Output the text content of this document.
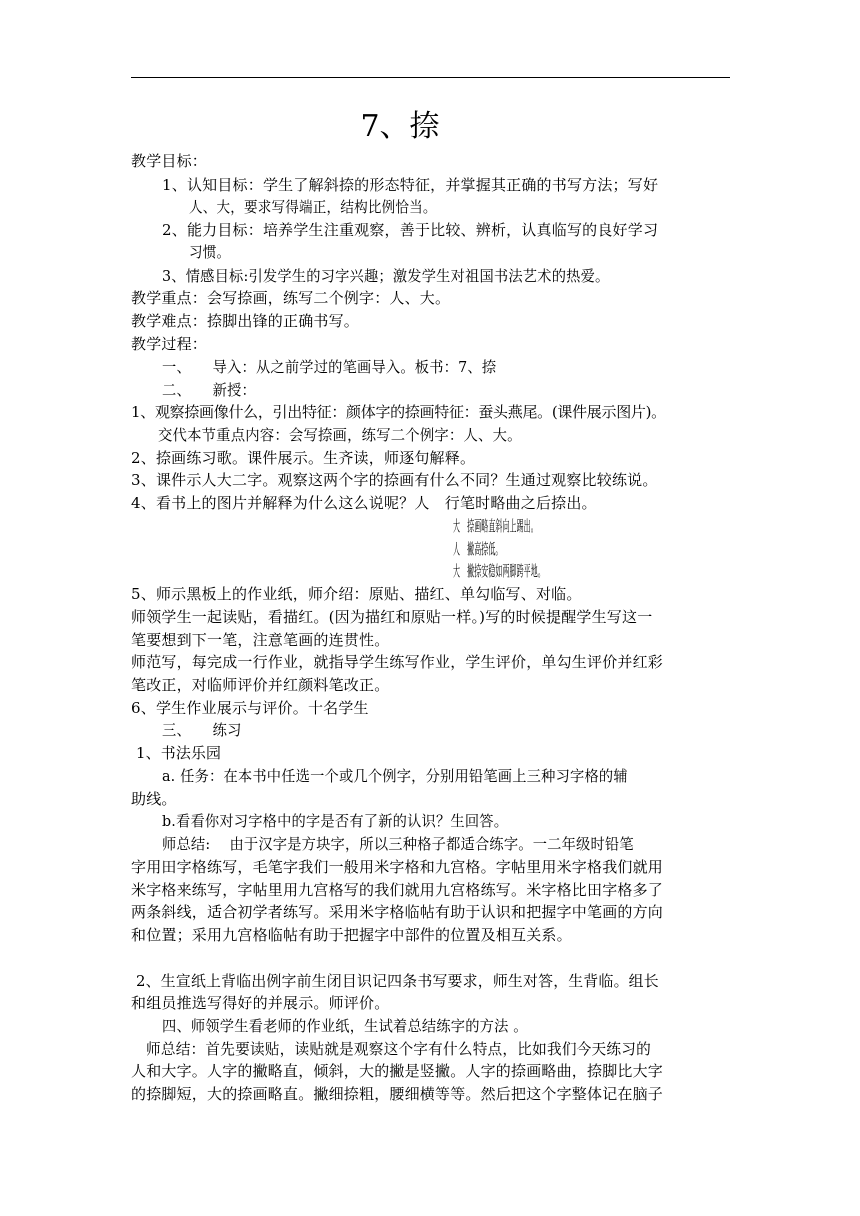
7、捺
教学目标：
1、认知目标：学生了解斜捺的形态特征，并掌握其正确的书写方法；写好
人、大，要求写得端正，结构比例恰当。
2、能力目标：培养学生注重观察，善于比较、辨析，认真临写的良好学习
习惯。
3、情感目标:引发学生的习字兴趣；激发学生对祖国书法艺术的热爱。
教学重点：会写捺画，练写二个例字：人、大。
教学难点：捺脚出锋的正确书写。
教学过程：
一、　　导入：从之前学过的笔画导入。板书：7、捺
二、　　新授：
1、观察捺画像什么，引出特征：颜体字的捺画特征：蚕头燕尾。(课件展示图片)。
交代本节重点内容：会写捺画，练写二个例字：人、大。
2、捺画练习歌。课件展示。生齐读，师逐句解释。
3、课件示人大二字。观察这两个字的捺画有什么不同？生通过观察比较练说。
4、看书上的图片并解释为什么这么说呢？人　行笔时略曲之后捺出。
大　捺画略直斜向上踢出。
人　撇高捺低。
大　撇捺安稳如两脚跨平地。
5、师示黑板上的作业纸，师介绍：原贴、描红、单勾临写、对临。
师领学生一起读贴，看描红。(因为描红和原贴一样。)写的时候提醒学生写这一
笔要想到下一笔，注意笔画的连贯性。
师范写，每完成一行作业，就指导学生练写作业，学生评价，单勾生评价并红彩
笔改正，对临师评价并红颜料笔改正。
6、学生作业展示与评价。十名学生
三、　　练习
1、书法乐园
a. 任务：在本书中任选一个或几个例字，分别用铅笔画上三种习字格的辅
助线。
b.看看你对习字格中的字是否有了新的认识？生回答。
师总结:　 由于汉字是方块字，所以三种格子都适合练字。一二年级时铅笔
字用田字格练写，毛笔字我们一般用米字格和九宫格。字帖里用米字格我们就用
米字格来练写，字帖里用九宫格写的我们就用九宫格练写。米字格比田字格多了
两条斜线，适合初学者练写。采用米字格临帖有助于认识和把握字中笔画的方向
和位置；采用九宫格临帖有助于把握字中部件的位置及相互关系。
2、生宣纸上背临出例字前生闭目识记四条书写要求，师生对答，生背临。组长
和组员推选写得好的并展示。师评价。
四、师领学生看老师的作业纸，生试着总结练字的方法 。
师总结：首先要读贴，读贴就是观察这个字有什么特点，比如我们今天练习的
人和大字。人字的撇略直，倾斜，大的撇是竖撇。人字的捺画略曲，捺脚比大字
的捺脚短，大的捺画略直。撇细捺粗，腰细横等等。然后把这个字整体记在脑子
